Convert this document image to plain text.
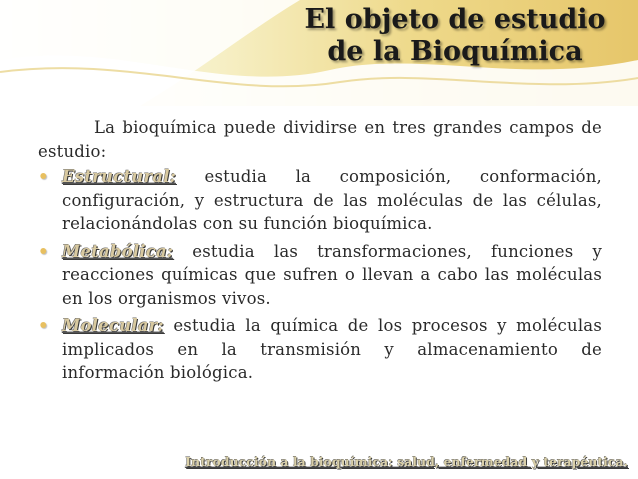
El objeto de estudio
de la Bioquímica

La bioquímica puede dividirse en tres grandes campos de estudio:

• Estructural: estudia la composición, conformación, configuración, y estructura de las moléculas de las células, relacionándolas con su función bioquímica.
• Metabólica: estudia las transformaciones, funciones y reacciones químicas que sufren o llevan a cabo las moléculas en los organismos vivos.
• Molecular: estudia la química de los procesos y moléculas implicados en la transmisión y almacenamiento de información biológica.
Introducción a la bioquímica: salud, enfermedad y terapéutica.
